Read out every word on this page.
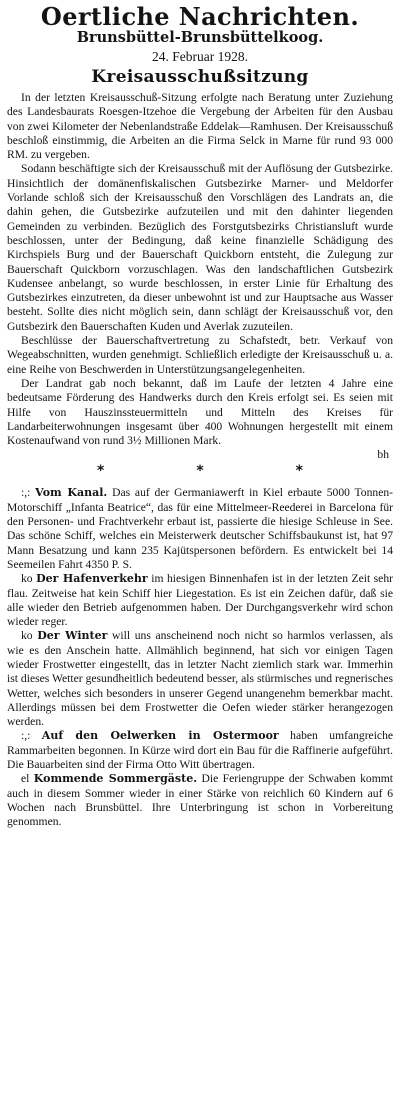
Oertliche Nachrichten.
Brunsbüttel-Brunsbüttelkoog.
24. Februar 1928.
Kreisausschußsitzung

In der letzten Kreisausschuß-Sitzung erfolgte nach Beratung unter Zuziehung des Landesbaurats Roesgen-Itzehoe die Vergebung der Arbeiten für den Ausbau von zwei Kilometer der Nebenlandstraße Eddelak—Ramhusen. Der Kreisausschuß beschloß einstimmig, die Arbeiten an die Firma Selck in Marne für rund 93 000 RM. zu vergeben.

Sodann beschäftigte sich der Kreisausschuß mit der Auflösung der Gutsbezirke. Hinsichtlich der domänenfiskalischen Gutsbezirke Marner- und Meldorfer Vorlande schloß sich der Kreisausschuß den Vorschlägen des Landrats an, die dahin gehen, die Gutsbezirke aufzuteilen und mit den dahinter liegenden Gemeinden zu verbinden. Bezüglich des Forstgutsbezirks Christiansluft wurde beschlossen, unter der Bedingung, daß keine finanzielle Schädigung des Kirchspiels Burg und der Bauerschaft Quickborn entsteht, die Zulegung zur Bauerschaft Quickborn vorzuschlagen. Was den landschaftlichen Gutsbezirk Kudensee anbelangt, so wurde beschlossen, in erster Linie für Erhaltung des Gutsbezirkes einzutreten, da dieser unbewohnt ist und zur Hauptsache aus Wasser besteht. Sollte dies nicht möglich sein, dann schlägt der Kreisausschuß vor, den Gutsbezirk den Bauerschaften Kuden und Averlak zuzuteilen.

Beschlüsse der Bauerschaftvertretung zu Schafstedt, betr. Verkauf von Wegeabschnitten, wurden genehmigt. Schließlich erledigte der Kreisausschuß u. a. eine Reihe von Beschwerden in Unterstützungsangelegenheiten.

Der Landrat gab noch bekannt, daß im Laufe der letzten 4 Jahre eine bedeutsame Förderung des Handwerks durch den Kreis erfolgt sei. Es seien mit Hilfe von Hauszinssteuermitteln und Mitteln des Kreises für Landarbeiterwohnungen insgesamt über 400 Wohnungen hergestellt mit einem Kostenaufwand von rund 3½ Millionen Mark.

bh
*	*	*

:,: Vom Kanal. Das auf der Germaniawerft in Kiel erbaute 5000 Tonnen-Motorschiff „Infanta Beatrice“, das für eine Mittelmeer-Reederei in Barcelona für den Personen- und Frachtverkehr erbaut ist, passierte die hiesige Schleuse in See. Das schöne Schiff, welches ein Meisterwerk deutscher Schiffsbaukunst ist, hat 97 Mann Besatzung und kann 235 Kajütspersonen befördern. Es entwickelt bei 14 Seemeilen Fahrt 4350 P. S.

ko Der Hafenverkehr im hiesigen Binnenhafen ist in der letzten Zeit sehr flau. Zeitweise hat kein Schiff hier Liegestation. Es ist ein Zeichen dafür, daß sie alle wieder den Betrieb aufgenommen haben. Der Durchgangsverkehr wird schon wieder reger.

ko Der Winter will uns anscheinend noch nicht so harmlos verlassen, als wie es den Anschein hatte. Allmählich beginnend, hat sich vor einigen Tagen wieder Frostwetter eingestellt, das in letzter Nacht ziemlich stark war. Immerhin ist dieses Wetter gesundheitlich bedeutend besser, als stürmisches und regnerisches Wetter, welches sich besonders in unserer Gegend unangenehm bemerkbar macht. Allerdings müssen bei dem Frostwetter die Oefen wieder stärker herangezogen werden.

:,: Auf den Oelwerken in Ostermoor haben umfangreiche Rammarbeiten begonnen. In Kürze wird dort ein Bau für die Raffinerie aufgeführt. Die Bauarbeiten sind der Firma Otto Witt übertragen.

el Kommende Sommergäste. Die Feriengruppe der Schwaben kommt auch in diesem Sommer wieder in einer Stärke von reichlich 60 Kindern auf 6 Wochen nach Brunsbüttel. Ihre Unterbringung ist schon in Vorbereitung genommen.
